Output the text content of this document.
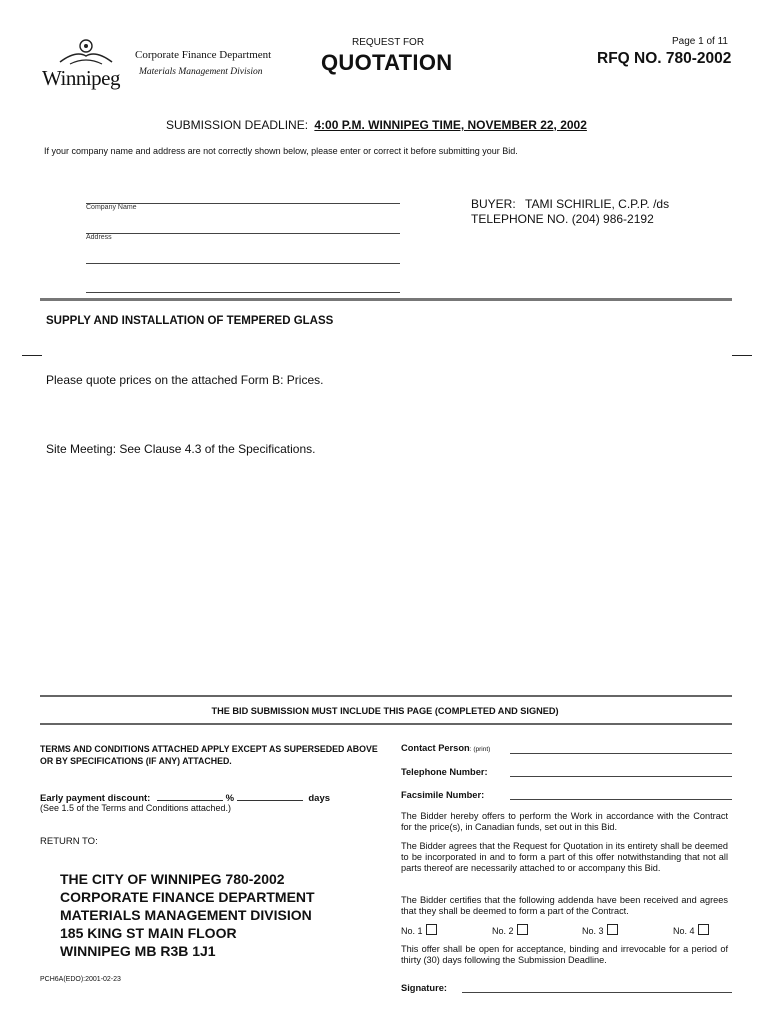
Winnipeg
Corporate Finance Department
Materials Management Division
REQUEST FOR
QUOTATION
Page 1 of 11
RFQ NO. 780-2002
SUBMISSION DEADLINE: 4:00 P.M. WINNIPEG TIME, NOVEMBER 22, 2002
If your company name and address are not correctly shown below, please enter or correct it before submitting your Bid.
Company Name
Address
BUYER: TAMI SCHIRLIE, C.P.P. /ds
TELEPHONE NO. (204) 986-2192
SUPPLY AND INSTALLATION OF TEMPERED GLASS
Please quote prices on the attached Form B: Prices.
Site Meeting: See Clause 4.3 of the Specifications.
THE BID SUBMISSION MUST INCLUDE THIS PAGE (COMPLETED AND SIGNED)
TERMS AND CONDITIONS ATTACHED APPLY EXCEPT AS SUPERSEDED ABOVE OR BY SPECIFICATIONS (IF ANY) ATTACHED.
Early payment discount:	%	days
(See 1.5 of the Terms and Conditions attached.)
RETURN TO:
THE CITY OF WINNIPEG 780-2002
CORPORATE FINANCE DEPARTMENT
MATERIALS MANAGEMENT DIVISION
185 KING ST MAIN FLOOR
WINNIPEG MB R3B 1J1
PCH6A(EDO):2001-02-23
Contact Person: (print)
Telephone Number:
Facsimile Number:
The Bidder hereby offers to perform the Work in accordance with the Contract for the price(s), in Canadian funds, set out in this Bid.
The Bidder agrees that the Request for Quotation in its entirety shall be deemed to be incorporated in and to form a part of this offer notwithstanding that not all parts thereof are necessarily attached to or accompany this Bid.
The Bidder certifies that the following addenda have been received and agrees that they shall be deemed to form a part of the Contract.
No. 1	No. 2	No. 3	No. 4
This offer shall be open for acceptance, binding and irrevocable for a period of thirty (30) days following the Submission Deadline.
Signature:
